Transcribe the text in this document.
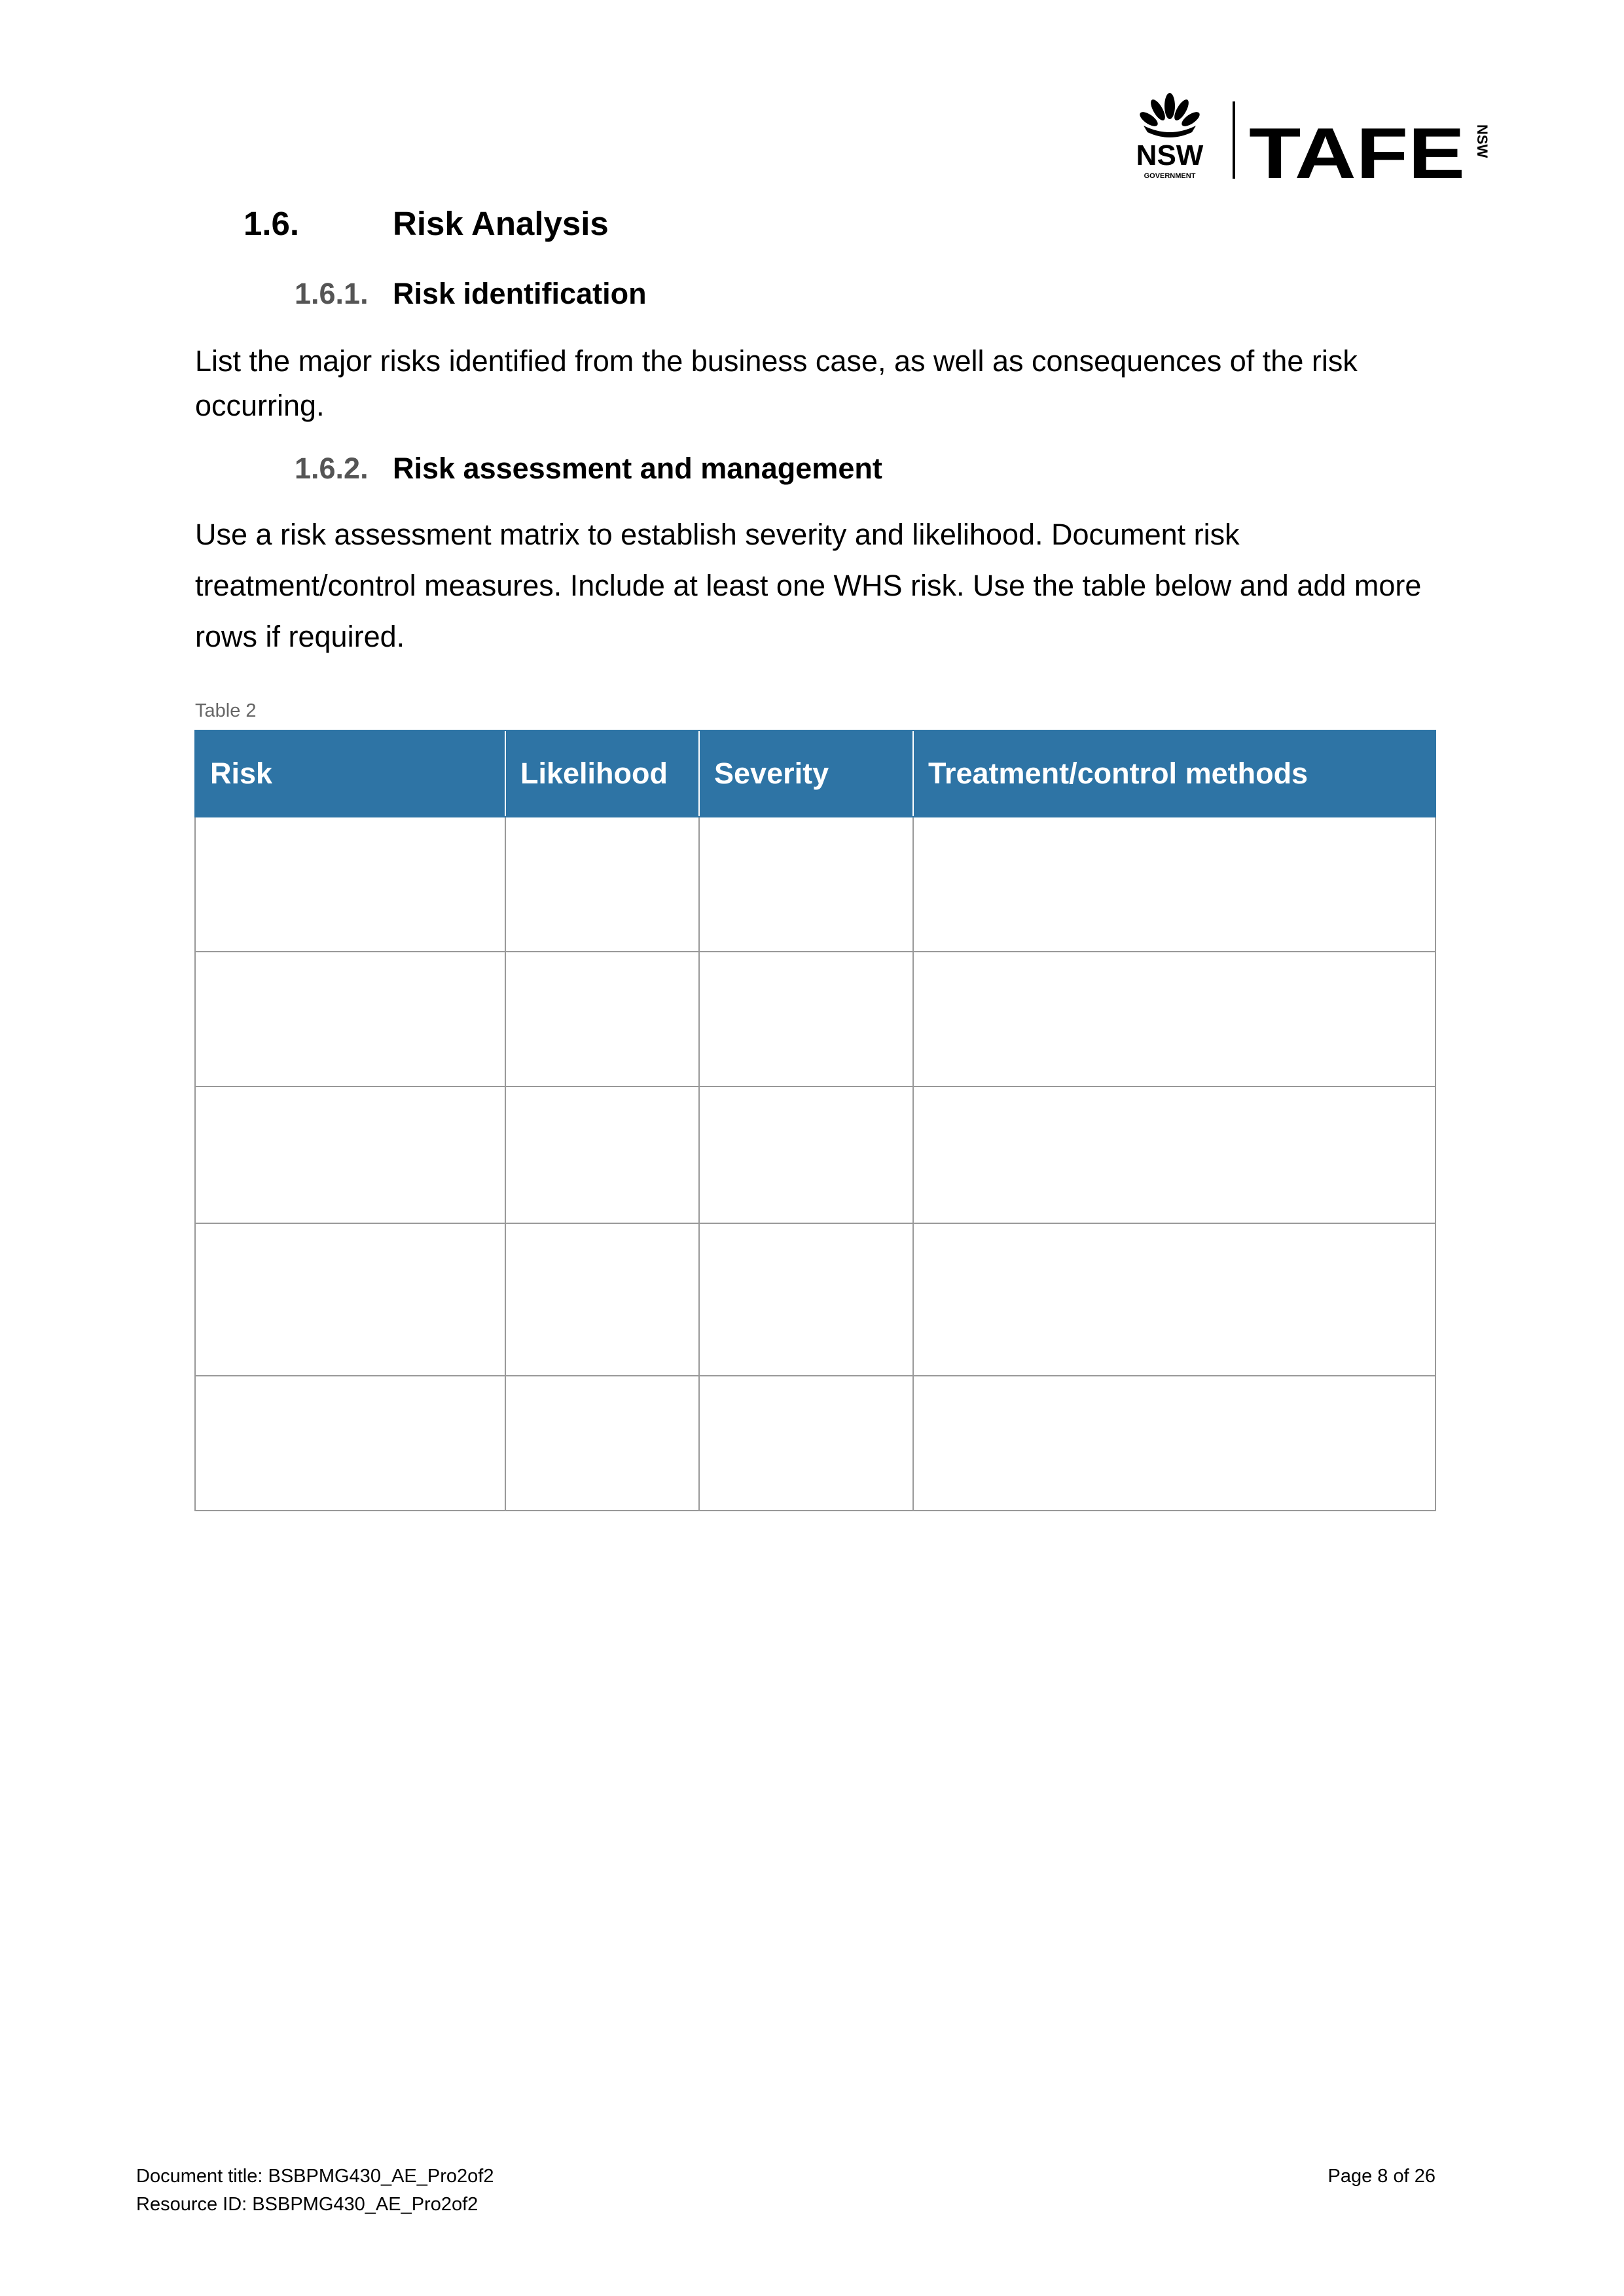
NSW
GOVERNMENT TAFE NSW
1.6.	Risk Analysis
1.6.1. Risk identification
List the major risks identified from the business case, as well as consequences of the risk occurring.
1.6.2. Risk assessment and management
Use a risk assessment matrix to establish severity and likelihood. Document risk treatment/control measures. Include at least one WHS risk. Use the table below and add more rows if required.
Table 2
Risk	Likelihood	Severity	Treatment/control methods

Document title: BSBPMG430_AE_Pro2of2
Resource ID: BSBPMG430_AE_Pro2of2
Page 8 of 26
